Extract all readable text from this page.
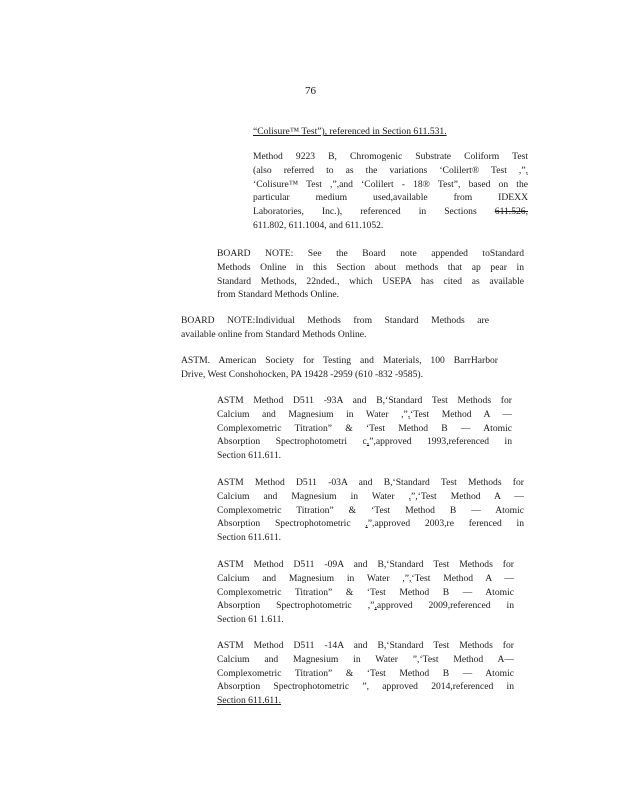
76

“Colisure™ Test”), referenced in Section 611.531.

Method 9223 B, Chromogenic Substrate Coliform Test

(also referred to as the variations ‘Colilert® Test ,”,

‘Colisure™ Test ,”,and ‘Colilert - 18® Test”, based on the

particular medium used,available from IDEXX

Laboratories, Inc.), referenced in Sections 611.526,

611.802, 611.1004, and 611.1052.

BOARD NOTE: See the Board note appended toStandard

Methods Online in this Section about methods that ap pear in

Standard Methods, 22nded., which USEPA has cited as available

from Standard Methods Online.

BOARD NOTE:Individual Methods from Standard Methods are

available online from Standard Methods Online.

ASTM. American Society for Testing and Materials, 100 BarrHarbor

Drive, West Conshohocken, PA 19428 -2959 (610 -832 -9585).

ASTM Method D511 -93A and B,‘Standard Test Methods for

Calcium and Magnesium in Water ,”,‘Test Method A —

Complexometric Titration” & ‘Test Method B — Atomic

Absorption Spectrophotometri c,”,approved 1993,referenced in

Section 611.611.

ASTM Method D511 -03A and B,‘Standard Test Methods for

Calcium and Magnesium in Water ,”,‘Test Method A —

Complexometric Titration” & ‘Test Method B — Atomic

Absorption Spectrophotometric ,”,approved 2003,re ferenced in

Section 611.611.

ASTM Method D511 -09A and B,‘Standard Test Methods for

Calcium and Magnesium in Water ,”,‘Test Method A —

Complexometric Titration” & ‘Test Method B — Atomic

Absorption Spectrophotometric ,”,approved 2009,referenced in

Section 61 1.611.

ASTM Method D511 -14A and B,‘Standard Test Methods for

Calcium and Magnesium in Water ”,‘Test Method A—

Complexometric Titration” & ‘Test Method B — Atomic

Absorption Spectrophotometric ”, approved 2014,referenced in

Section 611.611.
